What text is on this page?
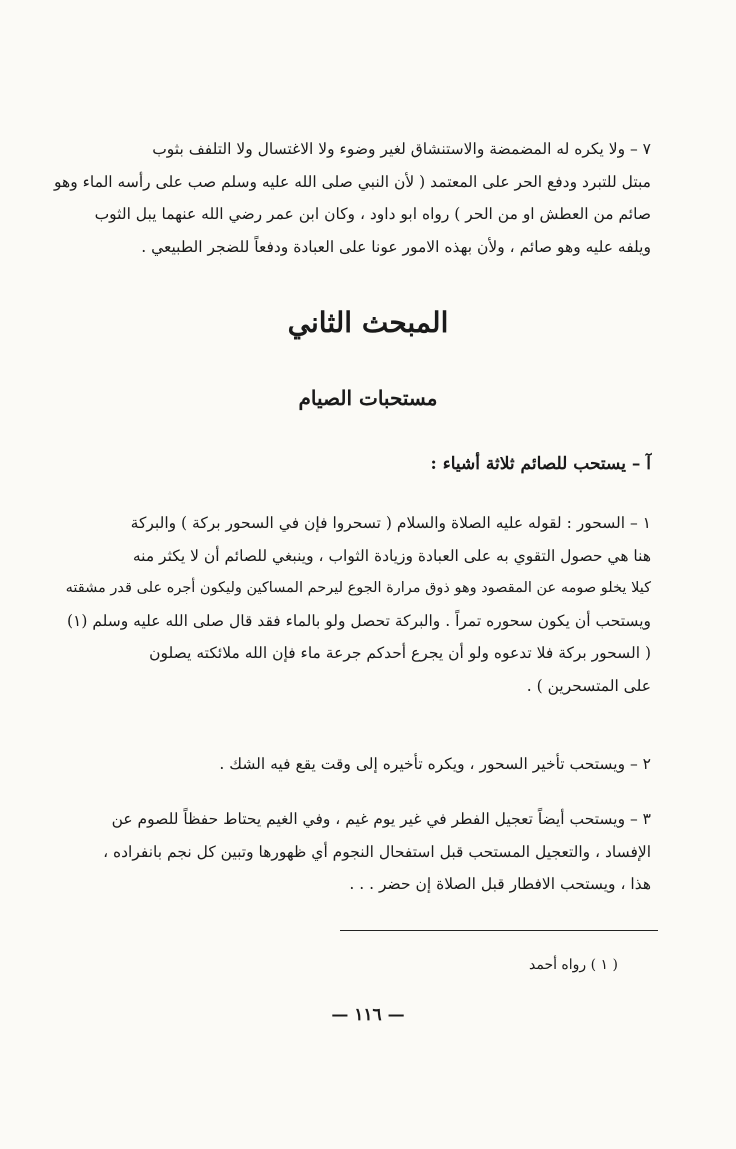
٧ – ولا يكره له المضمضة والاستنشاق لغير وضوء ولا الاغتسال ولا التلفف بثوب
مبتل للتبرد ودفع الحر على المعتمد ( لأن النبي صلى الله عليه وسلم صب على رأسه الماء وهو
صائم من العطش او من الحر ) رواه ابو داود ، وكان ابن عمر رضي الله عنهما يبل الثوب
ويلفه عليه وهو صائم ، ولأن بهذه الامور عونا على العبادة ودفعاً للضجر الطبيعي .
المبحث الثاني
مستحبات الصيام
آ – يستحب للصائم ثلاثة أشياء :
١ – السحور : لقوله عليه الصلاة والسلام ( تسحروا فإن في السحور بركة ) والبركة
هنا هي حصول التقوي به على العبادة وزيادة الثواب ، وينبغي للصائم أن لا يكثر منه
كيلا يخلو صومه عن المقصود وهو ذوق مرارة الجوع ليرحم المساكين وليكون أجره على قدر مشقته
ويستحب أن يكون سحوره تمراً . والبركة تحصل ولو بالماء فقد قال صلى الله عليه وسلم (١)
( السحور بركة فلا تدعوه ولو أن يجرع أحدكم جرعة ماء فإن الله ملائكته يصلون
على المتسحرين ) .
٢ – ويستحب تأخير السحور ، ويكره تأخيره إلى وقت يقع فيه الشك .
٣ – ويستحب أيضاً تعجيل الفطر في غير يوم غيم ، وفي الغيم يحتاط حفظاً للصوم عن
الإفساد ، والتعجيل المستحب قبل استفحال النجوم أي ظهورها وتبين كل نجم بانفراده ،
هذا ، ويستحب الافطار قبل الصلاة إن حضر . . .
( ١ ) رواه أحمد
— ١١٦ —
